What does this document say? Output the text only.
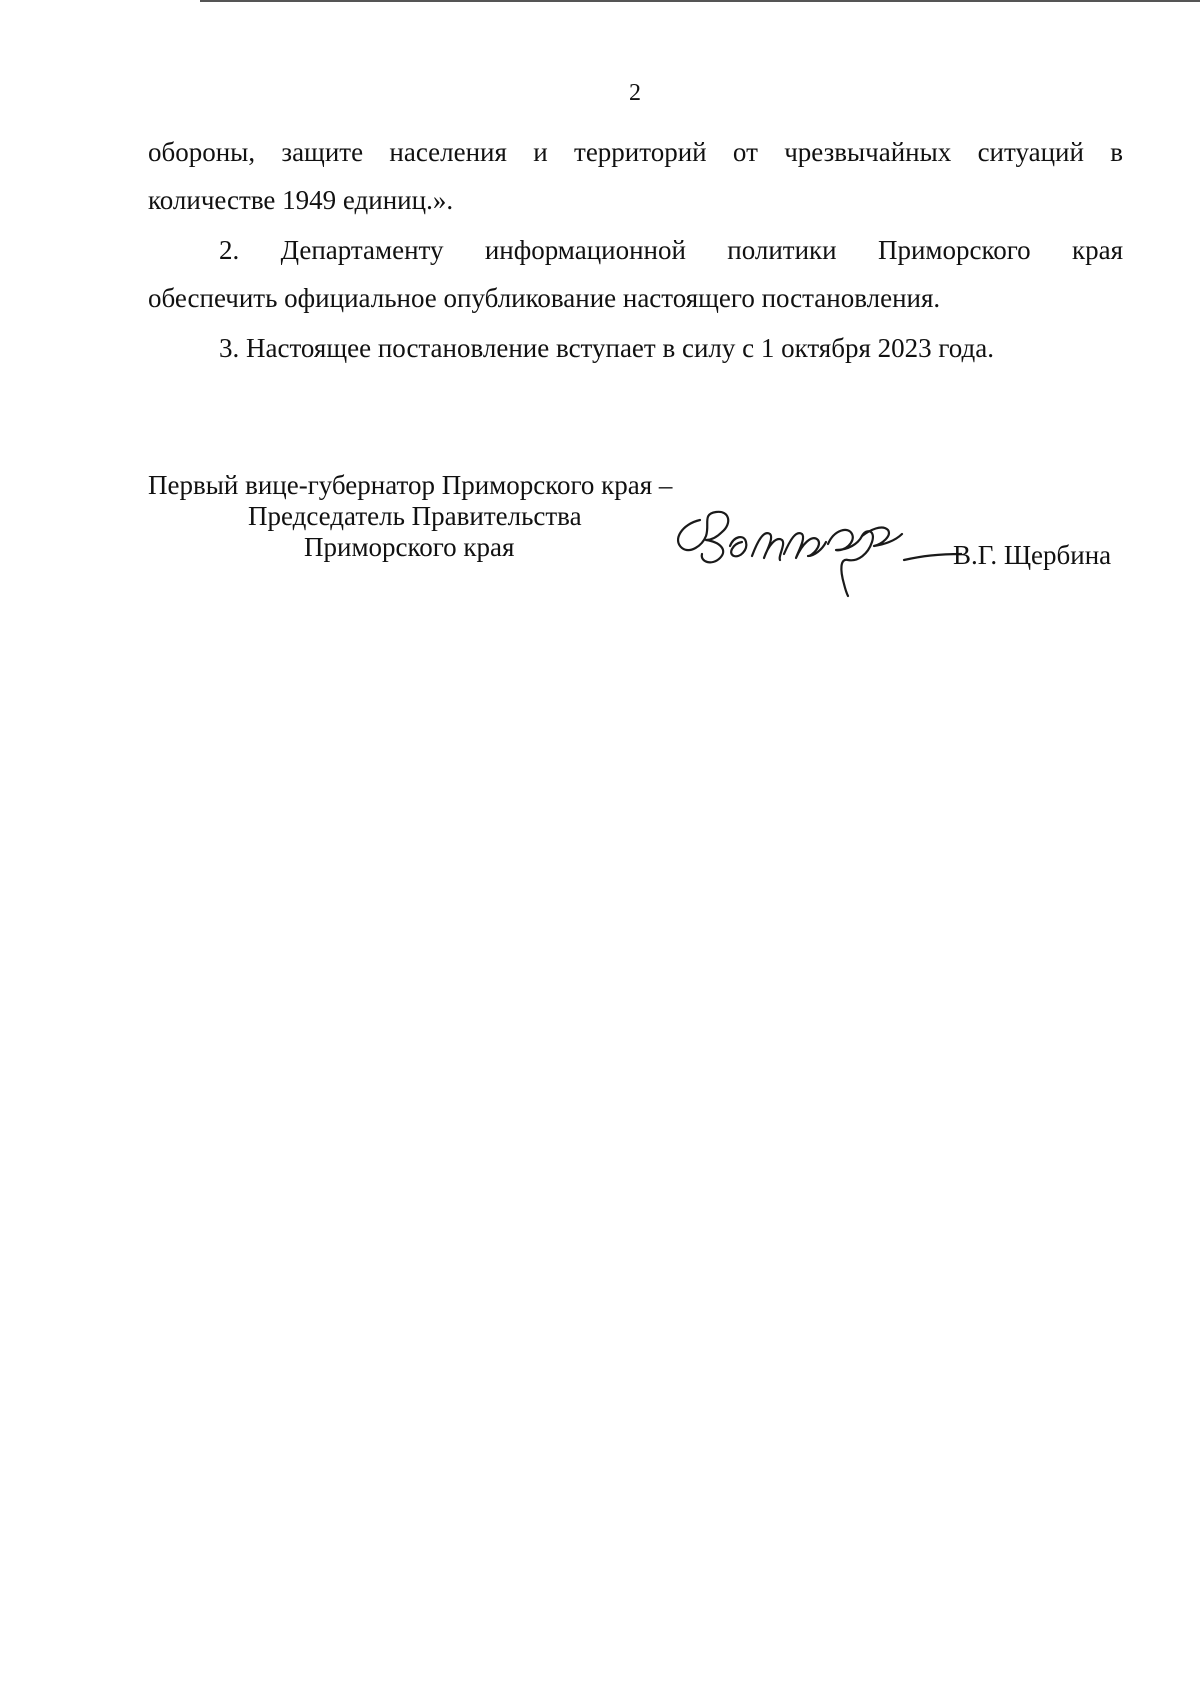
2

обороны, защите населения и территорий от чрезвычайных ситуаций в

количестве 1949 единиц.».

2. Департаменту информационной политики Приморского края

обеспечить официальное опубликование настоящего постановления.

3. Настоящее постановление вступает в силу с 1 октября 2023 года.

Первый вице-губернатор Приморского края –
Председатель Правительства
Приморского края	В.Г. Щербина
